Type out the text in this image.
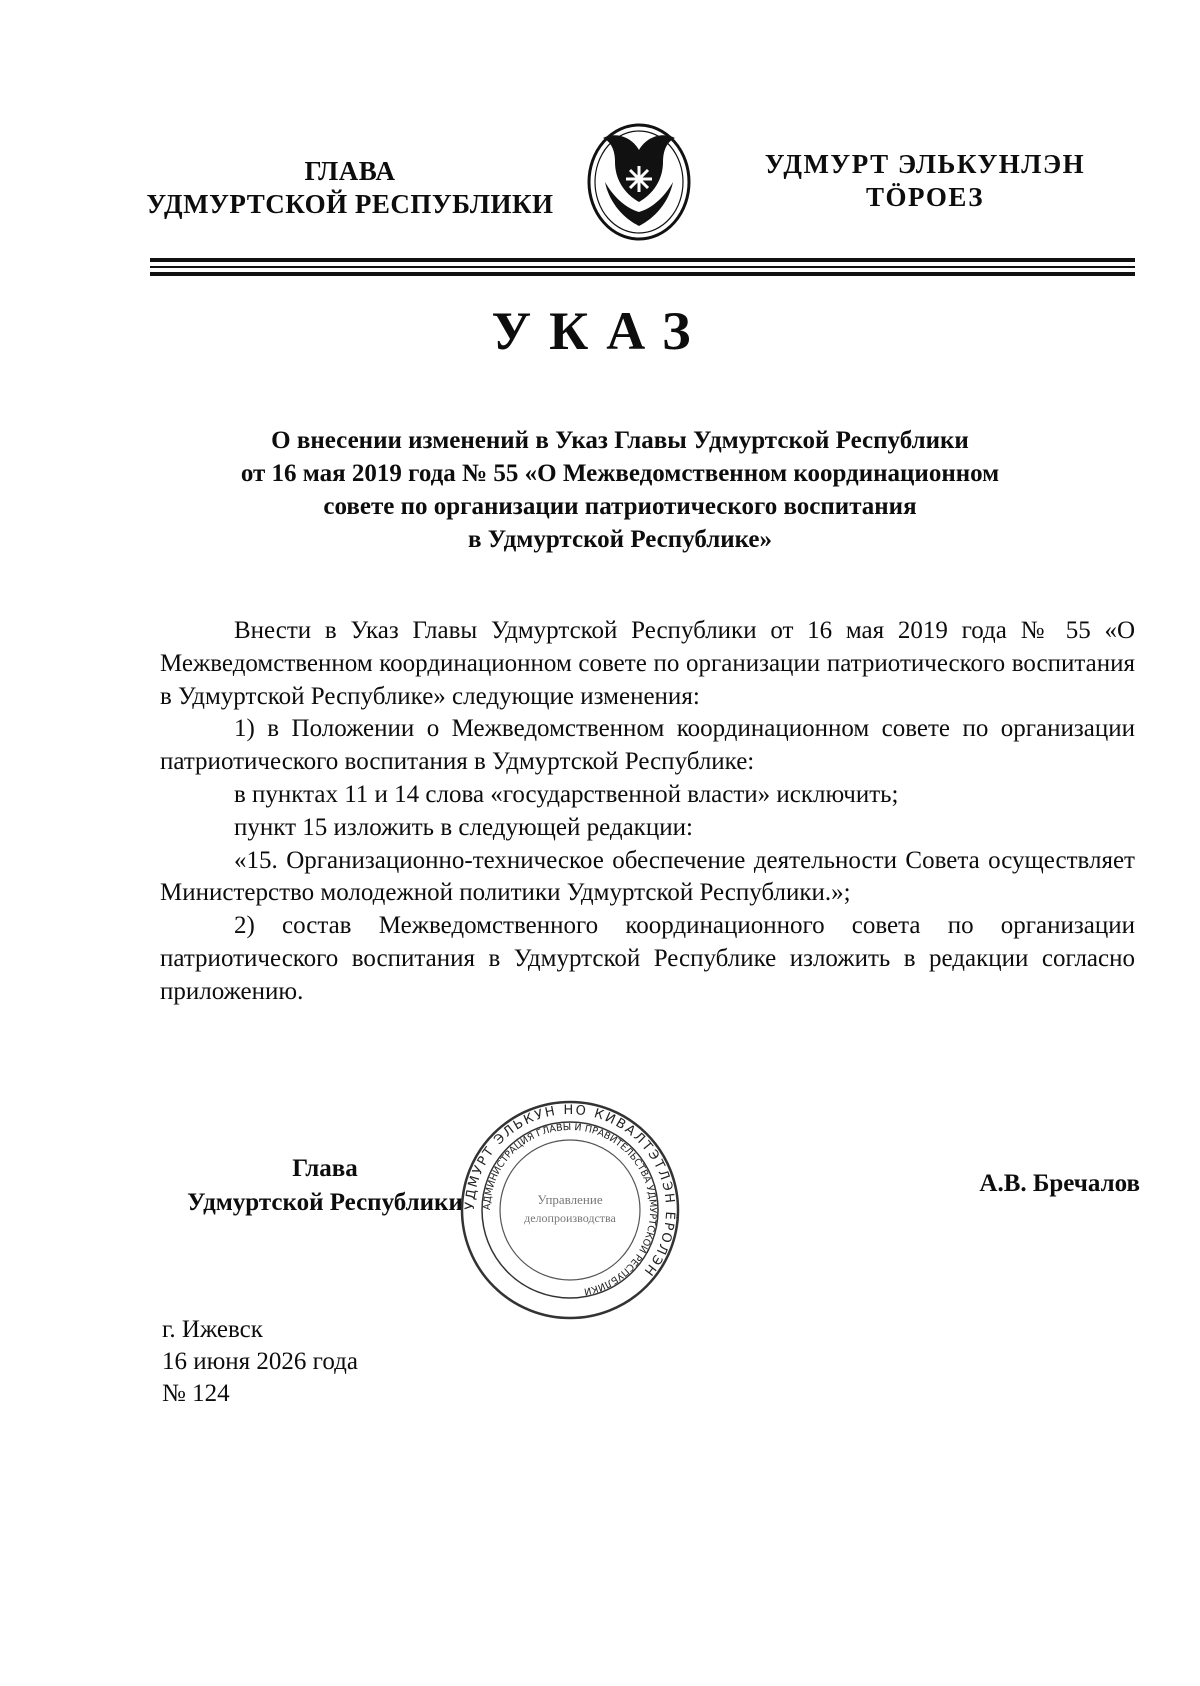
ГЛАВА
УДМУРТСКОЙ РЕСПУБЛИКИ
УДМУРТ ЭЛЬКУНЛЭН
ТÖРОЕЗ
УКАЗ
О внесении изменений в Указ Главы Удмуртской Республики
от 16 мая 2019 года № 55 «О Межведомственном координационном
совете по организации патриотического воспитания
в Удмуртской Республике»

Внести в Указ Главы Удмуртской Республики от 16 мая 2019 года № 55 «О Межведомственном координационном совете по организации патриотического воспитания в Удмуртской Республике» следующие изменения:

1) в Положении о Межведомственном координационном совете по организации патриотического воспитания в Удмуртской Республике:

в пунктах 11 и 14 слова «государственной власти» исключить;

пункт 15 изложить в следующей редакции:

«15. Организационно-техническое обеспечение деятельности Совета осуществляет Министерство молодежной политики Удмуртской Республики.»;

2) состав Межведомственного координационного совета по организации патриотического воспитания в Удмуртской Республике изложить в редакции согласно приложению.

Глава
Удмуртской Республики УДМУРТ ЭЛЬКУН НО КИВАЛТЭТЛЭН ЁРОЛЭН
АДМИНИСТРАЦИЯ ГЛАВЫ И ПРАВИТЕЛЬСТВА УДМУРТСКОЙ РЕСПУБЛИКИ
Управление
делопроизводства
А.В. Бречалов
г. Ижевск
16 июня 2026 года
№ 124
